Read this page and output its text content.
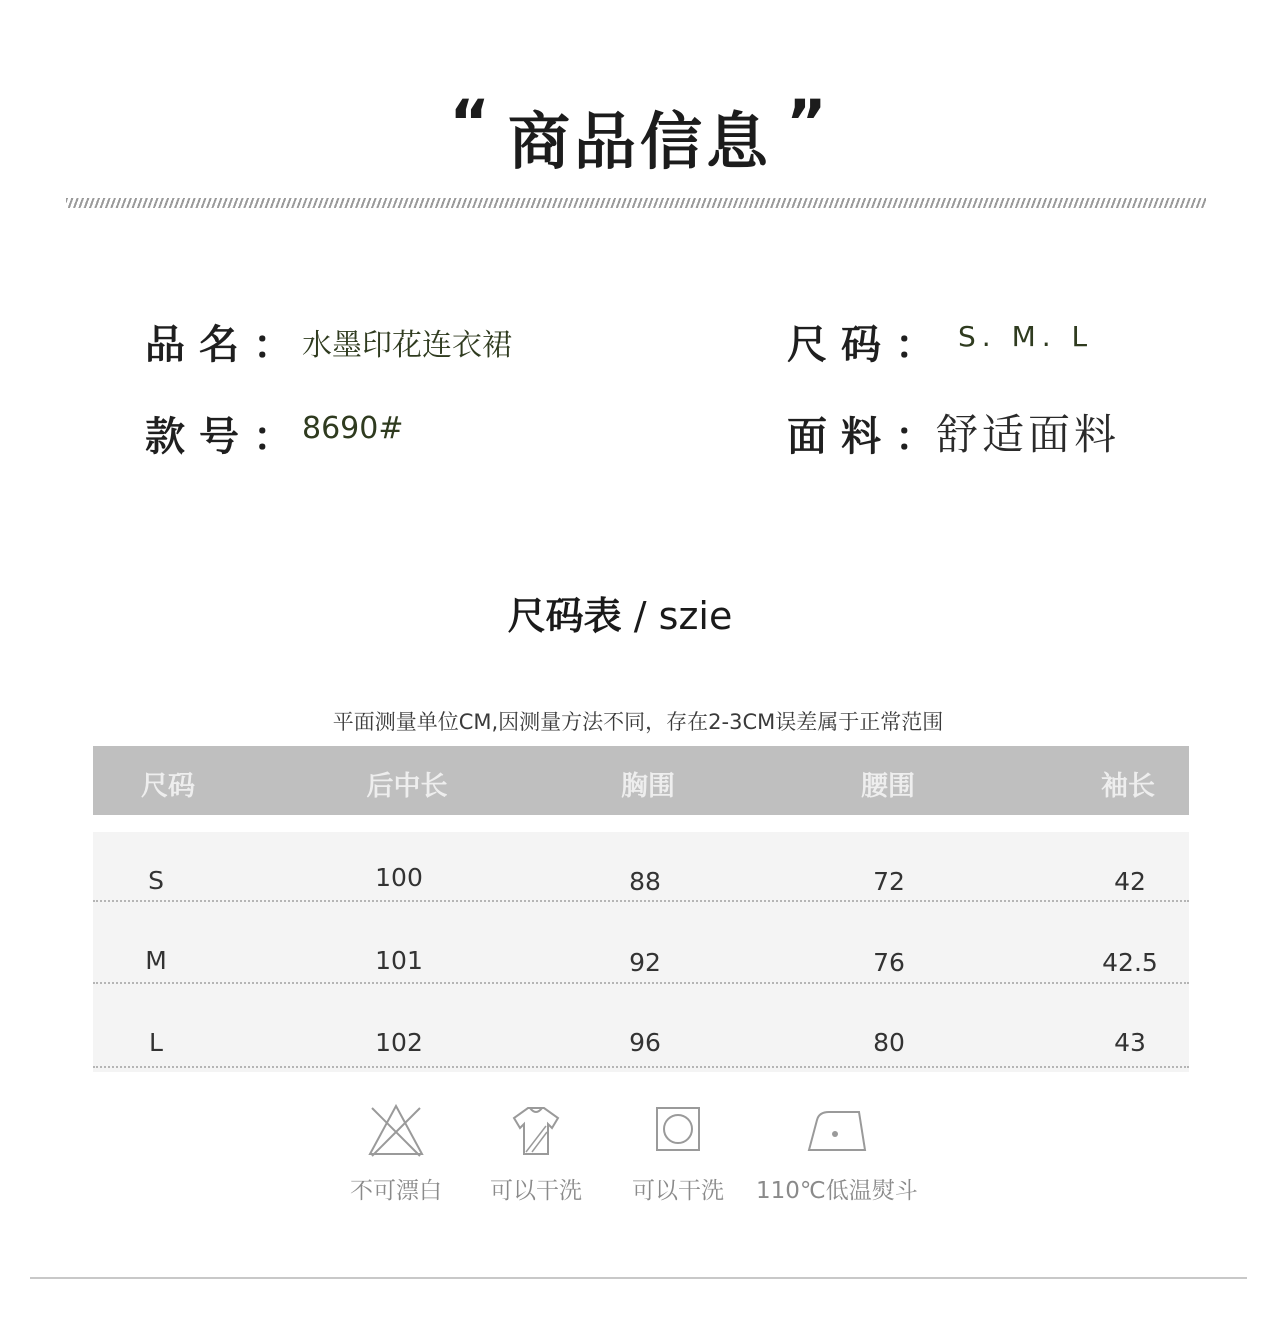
“ 商品信息 ”
品名：
水墨印花连衣裙	尺码： S. M. L
款号：
8690#	面料：
舒适面料
尺码表 / szie
平面测量单位CM,因测量方法不同，存在2-3CM误差属于正常范围
尺码	后中长	胸围	腰围	袖长
S	100	88	72	42
M	101	92	76	42.5
L	102	96	80	43
不可漂白	可以干洗	可以干洗	110℃低温熨斗
